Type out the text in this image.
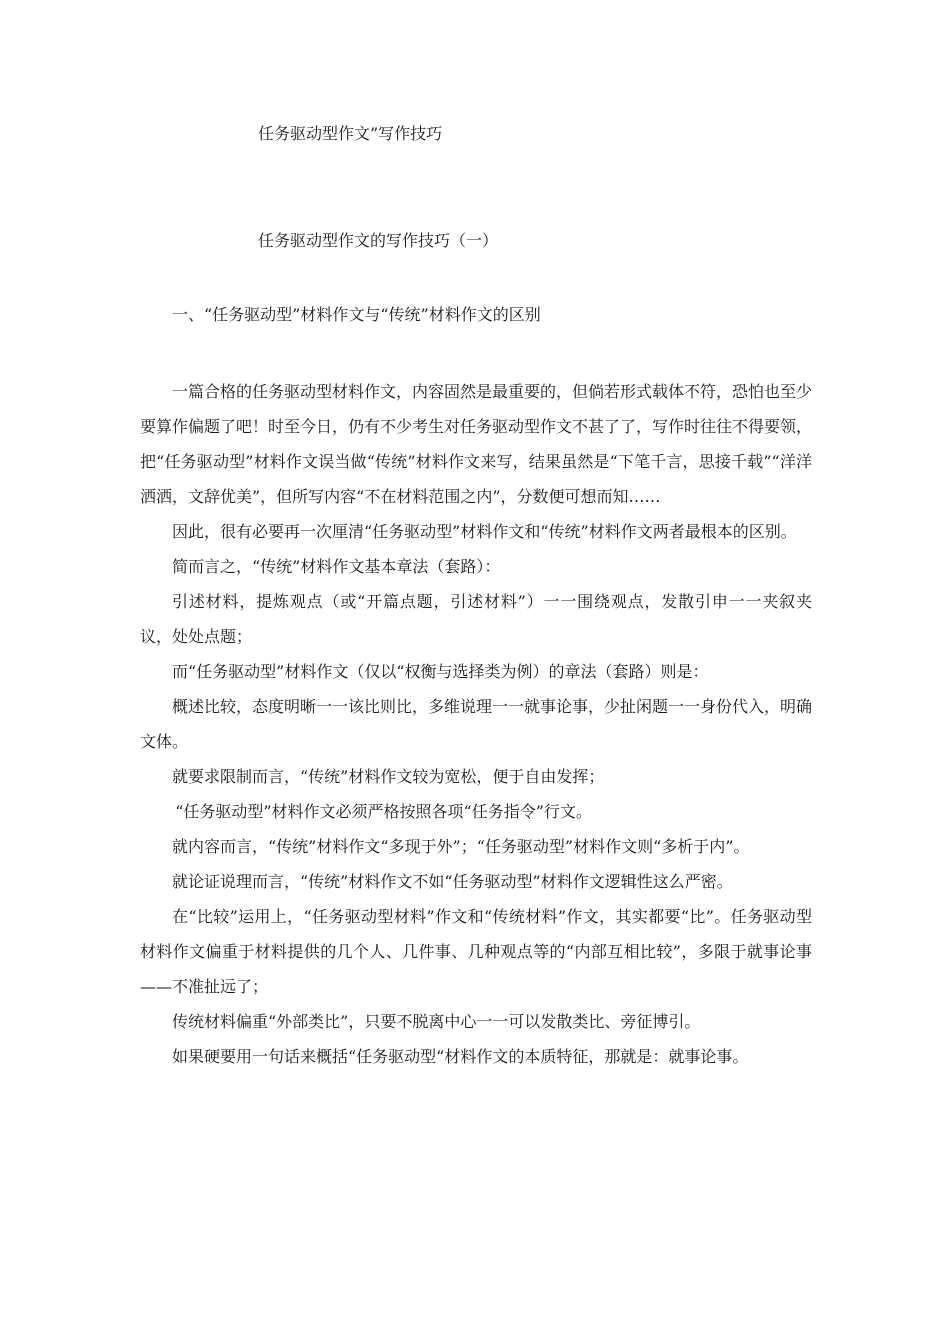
任务驱动型作文”写作技巧
任务驱动型作文的写作技巧（一）
一、“任务驱动型”材料作文与“传统”材料作文的区别

一篇合格的任务驱动型材料作文，内容固然是最重要的，但倘若形式载体不符，恐怕也至少要算作偏题了吧！时至今日，仍有不少考生对任务驱动型作文不甚了了，写作时往往不得要领，把“任务驱动型”材料作文误当做“传统”材料作文来写，结果虽然是“下笔千言，思接千载”“洋洋洒洒，文辞优美”，但所写内容“不在材料范围之内”，分数便可想而知……

因此，很有必要再一次厘清“任务驱动型”材料作文和“传统”材料作文两者最根本的区别。

简而言之，“传统”材料作文基本章法（套路）：

引述材料，提炼观点（或“开篇点题，引述材料”）一一围绕观点，发散引申一一夹叙夹议，处处点题；

而“任务驱动型”材料作文（仅以“权衡与选择类为例）的章法（套路）则是：

概述比较，态度明晰一一该比则比，多维说理一一就事论事，少扯闲题一一身份代入，明确文体。

就要求限制而言，“传统”材料作文较为宽松，便于自由发挥；

“任务驱动型”材料作文必须严格按照各项“任务指令”行文。

就内容而言，“传统”材料作文“多现于外”；“任务驱动型”材料作文则“多析于内”。

就论证说理而言，“传统”材料作文不如“任务驱动型”材料作文逻辑性这么严密。

在“比较”运用上，“任务驱动型材料”作文和“传统材料”作文，其实都要“比”。任务驱动型材料作文偏重于材料提供的几个人、几件事、几种观点等的“内部互相比较”，多限于就事论事——不准扯远了；

传统材料偏重“外部类比”，只要不脱离中心一一可以发散类比、旁征博引。

如果硬要用一句话来概括“任务驱动型“材料作文的本质特征，那就是：就事论事。
